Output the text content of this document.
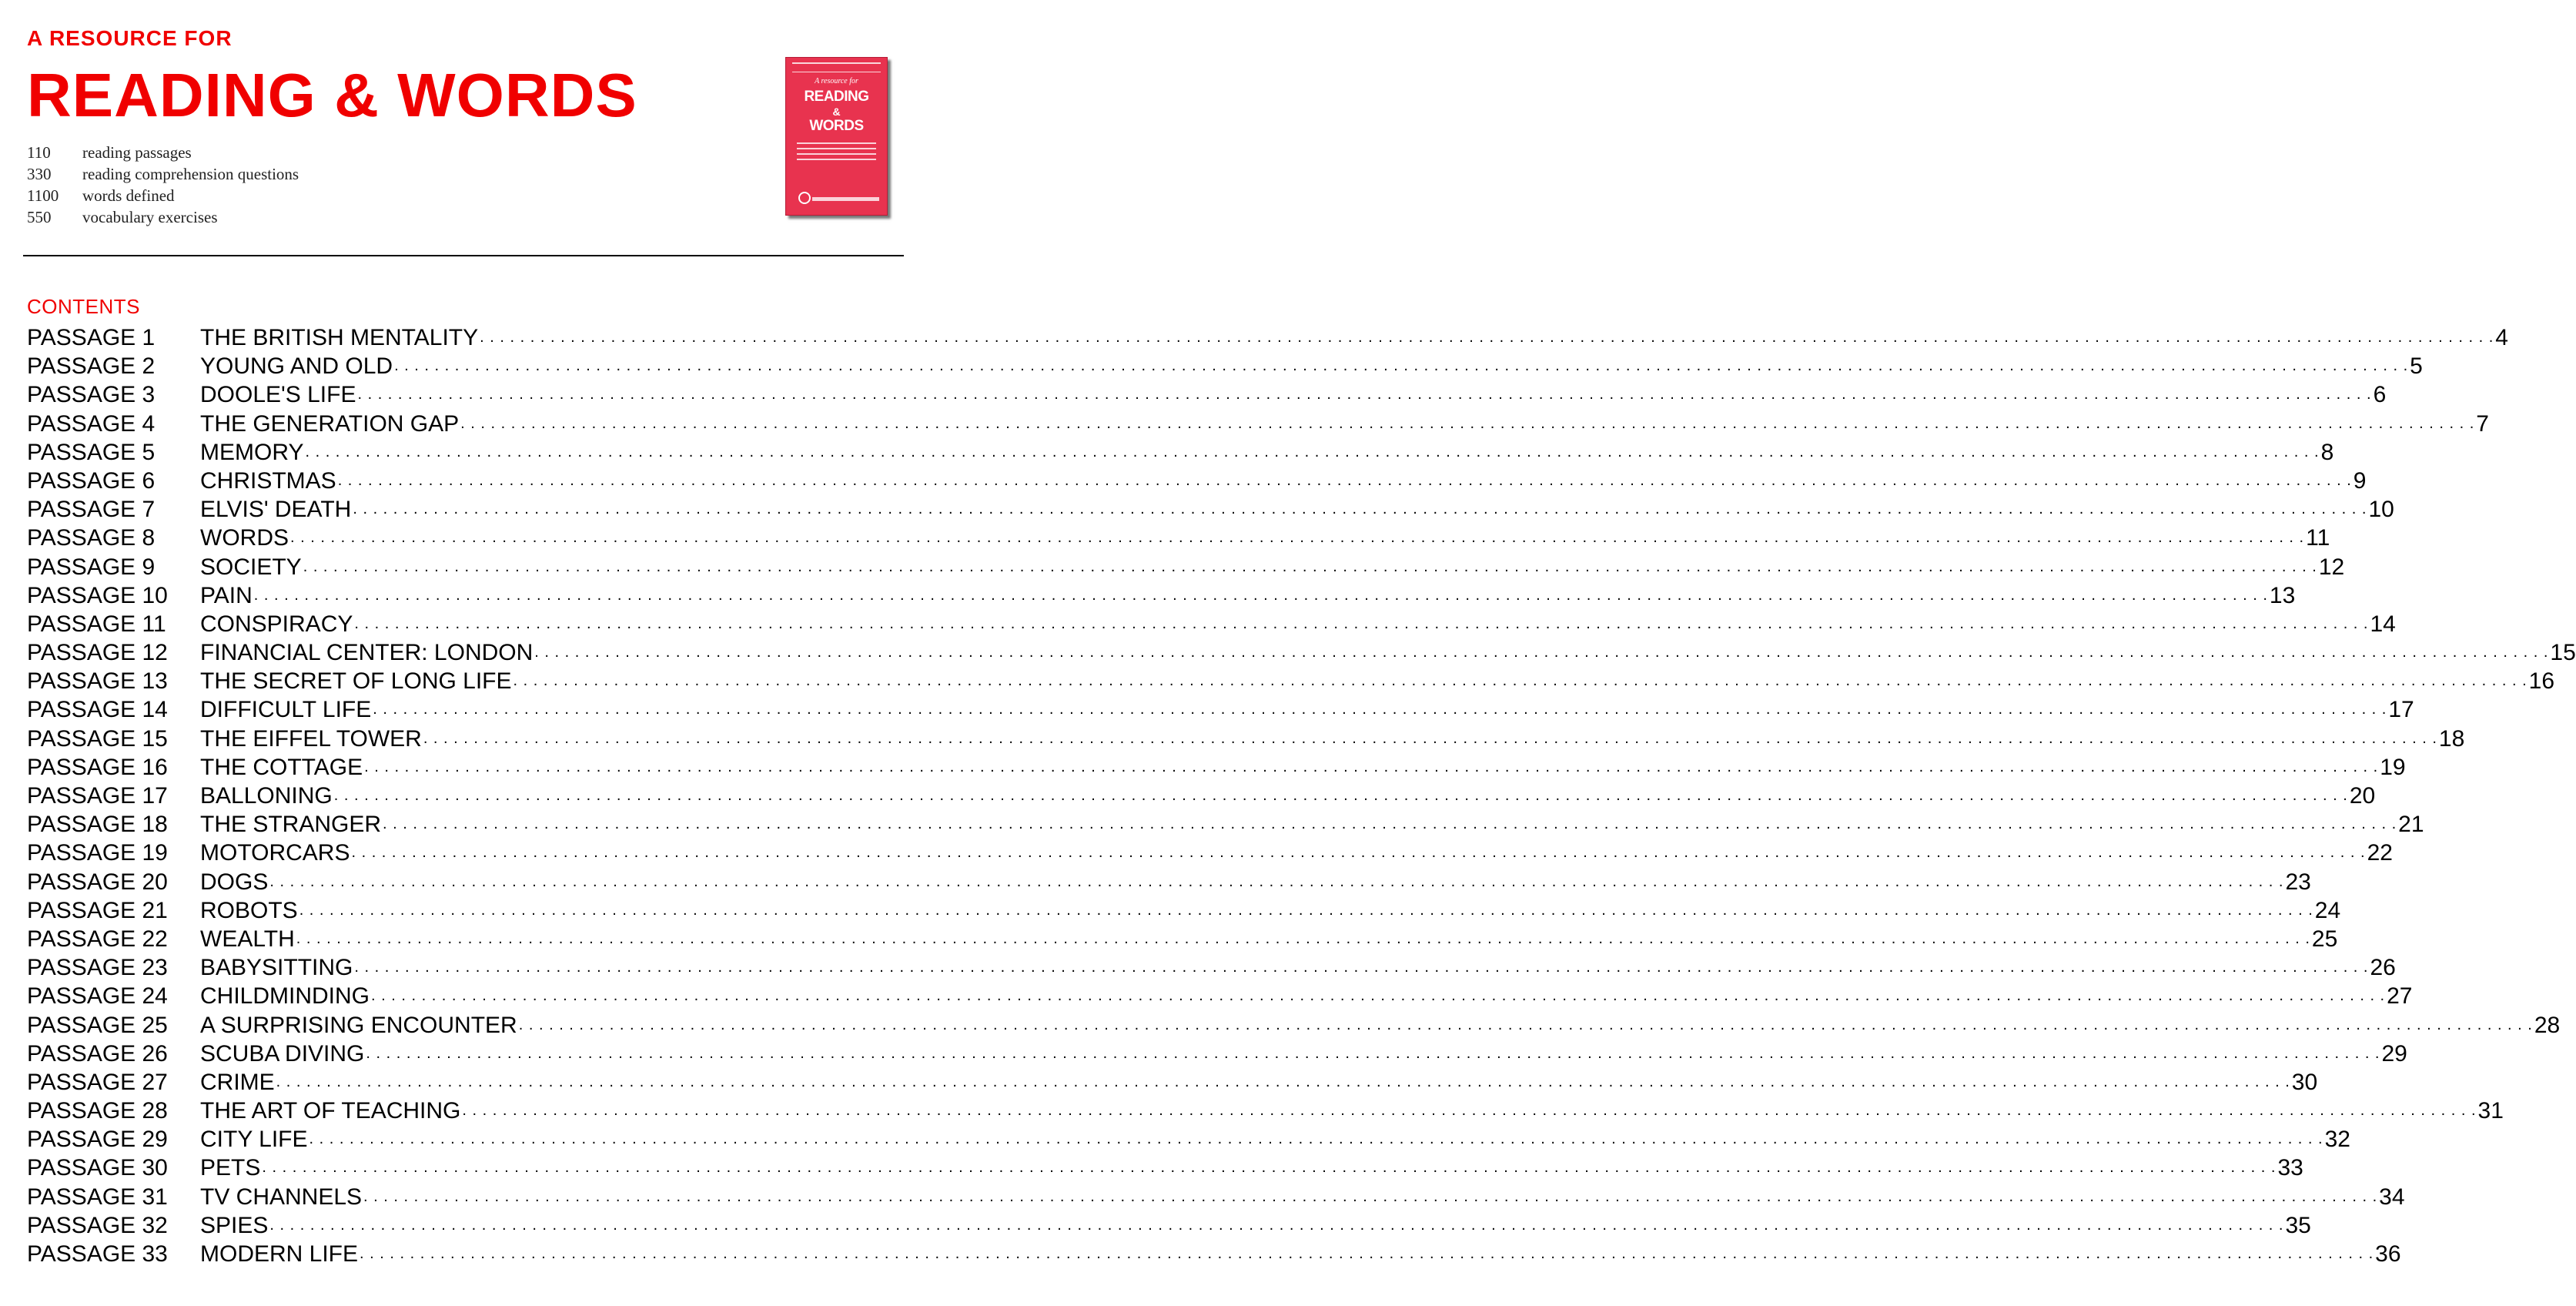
A RESOURCE FOR
READING & WORDS
110	reading passages
330	reading comprehension questions
1100	words defined
550	vocabulary exercises
A resource for
READING
&
WORDS
CONTENTS
PASSAGE 1	THE BRITISH MENTALITY . . . . . . . . . . . . . . . . . . . . . . . . . . . . . . . . . . . . . . . . . . . . . . . . . . . . . . . . . . . . . . . . . . . . . . . . . . . . . . . . . . . . . . . . . . . . . . . . . . . . . . . . . . . . . . . . . . . . . . . . . . . . . . . . . . . . . . . . . . . . . . . . . . . . . . . . . . . . . . . . . . . . . . . . . . . . . . . . . . . . . . . . . . . . . . . . . . . . . . . . 4
PASSAGE 2	YOUNG AND OLD . . . . . . . . . . . . . . . . . . . . . . . . . . . . . . . . . . . . . . . . . . . . . . . . . . . . . . . . . . . . . . . . . . . . . . . . . . . . . . . . . . . . . . . . . . . . . . . . . . . . . . . . . . . . . . . . . . . . . . . . . . . . . . . . . . . . . . . . . . . . . . . . . . . . . . . . . . . . . . . . . . . . . . . . . . . . . . . . . . . . . . . . . . . . . . . . . . . . . . . . 5
PASSAGE 3	DOOLE'S LIFE . . . . . . . . . . . . . . . . . . . . . . . . . . . . . . . . . . . . . . . . . . . . . . . . . . . . . . . . . . . . . . . . . . . . . . . . . . . . . . . . . . . . . . . . . . . . . . . . . . . . . . . . . . . . . . . . . . . . . . . . . . . . . . . . . . . . . . . . . . . . . . . . . . . . . . . . . . . . . . . . . . . . . . . . . . . . . . . . . . . . . . . . . . . . . . . . . . . . . . . . 6
PASSAGE 4	THE GENERATION GAP . . . . . . . . . . . . . . . . . . . . . . . . . . . . . . . . . . . . . . . . . . . . . . . . . . . . . . . . . . . . . . . . . . . . . . . . . . . . . . . . . . . . . . . . . . . . . . . . . . . . . . . . . . . . . . . . . . . . . . . . . . . . . . . . . . . . . . . . . . . . . . . . . . . . . . . . . . . . . . . . . . . . . . . . . . . . . . . . . . . . . . . . . . . . . . . . . . . . . . . . 7
PASSAGE 5	MEMORY . . . . . . . . . . . . . . . . . . . . . . . . . . . . . . . . . . . . . . . . . . . . . . . . . . . . . . . . . . . . . . . . . . . . . . . . . . . . . . . . . . . . . . . . . . . . . . . . . . . . . . . . . . . . . . . . . . . . . . . . . . . . . . . . . . . . . . . . . . . . . . . . . . . . . . . . . . . . . . . . . . . . . . . . . . . . . . . . . . . . . . . . . . . . . . . . . . . . . . . . 8
PASSAGE 6	CHRISTMAS . . . . . . . . . . . . . . . . . . . . . . . . . . . . . . . . . . . . . . . . . . . . . . . . . . . . . . . . . . . . . . . . . . . . . . . . . . . . . . . . . . . . . . . . . . . . . . . . . . . . . . . . . . . . . . . . . . . . . . . . . . . . . . . . . . . . . . . . . . . . . . . . . . . . . . . . . . . . . . . . . . . . . . . . . . . . . . . . . . . . . . . . . . . . . . . . . . . . . . . . 9
PASSAGE 7	ELVIS' DEATH . . . . . . . . . . . . . . . . . . . . . . . . . . . . . . . . . . . . . . . . . . . . . . . . . . . . . . . . . . . . . . . . . . . . . . . . . . . . . . . . . . . . . . . . . . . . . . . . . . . . . . . . . . . . . . . . . . . . . . . . . . . . . . . . . . . . . . . . . . . . . . . . . . . . . . . . . . . . . . . . . . . . . . . . . . . . . . . . . . . . . . . . . . . . . . . . . . . . . . . . 10
PASSAGE 8	WORDS . . . . . . . . . . . . . . . . . . . . . . . . . . . . . . . . . . . . . . . . . . . . . . . . . . . . . . . . . . . . . . . . . . . . . . . . . . . . . . . . . . . . . . . . . . . . . . . . . . . . . . . . . . . . . . . . . . . . . . . . . . . . . . . . . . . . . . . . . . . . . . . . . . . . . . . . . . . . . . . . . . . . . . . . . . . . . . . . . . . . . . . . . . . . . . . . . . . . . . . . 11
PASSAGE 9	SOCIETY . . . . . . . . . . . . . . . . . . . . . . . . . . . . . . . . . . . . . . . . . . . . . . . . . . . . . . . . . . . . . . . . . . . . . . . . . . . . . . . . . . . . . . . . . . . . . . . . . . . . . . . . . . . . . . . . . . . . . . . . . . . . . . . . . . . . . . . . . . . . . . . . . . . . . . . . . . . . . . . . . . . . . . . . . . . . . . . . . . . . . . . . . . . . . . . . . . . . . . . . 12
PASSAGE 10	PAIN . . . . . . . . . . . . . . . . . . . . . . . . . . . . . . . . . . . . . . . . . . . . . . . . . . . . . . . . . . . . . . . . . . . . . . . . . . . . . . . . . . . . . . . . . . . . . . . . . . . . . . . . . . . . . . . . . . . . . . . . . . . . . . . . . . . . . . . . . . . . . . . . . . . . . . . . . . . . . . . . . . . . . . . . . . . . . . . . . . . . . . . . . . . . . . . . . . . . . . . . 13
PASSAGE 11	CONSPIRACY . . . . . . . . . . . . . . . . . . . . . . . . . . . . . . . . . . . . . . . . . . . . . . . . . . . . . . . . . . . . . . . . . . . . . . . . . . . . . . . . . . . . . . . . . . . . . . . . . . . . . . . . . . . . . . . . . . . . . . . . . . . . . . . . . . . . . . . . . . . . . . . . . . . . . . . . . . . . . . . . . . . . . . . . . . . . . . . . . . . . . . . . . . . . . . . . . . . . . . . . 14
PASSAGE 12	FINANCIAL CENTER: LONDON . . . . . . . . . . . . . . . . . . . . . . . . . . . . . . . . . . . . . . . . . . . . . . . . . . . . . . . . . . . . . . . . . . . . . . . . . . . . . . . . . . . . . . . . . . . . . . . . . . . . . . . . . . . . . . . . . . . . . . . . . . . . . . . . . . . . . . . . . . . . . . . . . . . . . . . . . . . . . . . . . . . . . . . . . . . . . . . . . . . . . . . . . . . . . . . . . . . . . . . . 15
PASSAGE 13	THE SECRET OF LONG LIFE . . . . . . . . . . . . . . . . . . . . . . . . . . . . . . . . . . . . . . . . . . . . . . . . . . . . . . . . . . . . . . . . . . . . . . . . . . . . . . . . . . . . . . . . . . . . . . . . . . . . . . . . . . . . . . . . . . . . . . . . . . . . . . . . . . . . . . . . . . . . . . . . . . . . . . . . . . . . . . . . . . . . . . . . . . . . . . . . . . . . . . . . . . . . . . . . . . . . . . . . 16
PASSAGE 14	DIFFICULT LIFE . . . . . . . . . . . . . . . . . . . . . . . . . . . . . . . . . . . . . . . . . . . . . . . . . . . . . . . . . . . . . . . . . . . . . . . . . . . . . . . . . . . . . . . . . . . . . . . . . . . . . . . . . . . . . . . . . . . . . . . . . . . . . . . . . . . . . . . . . . . . . . . . . . . . . . . . . . . . . . . . . . . . . . . . . . . . . . . . . . . . . . . . . . . . . . . . . . . . . . . . 17
PASSAGE 15	THE EIFFEL TOWER . . . . . . . . . . . . . . . . . . . . . . . . . . . . . . . . . . . . . . . . . . . . . . . . . . . . . . . . . . . . . . . . . . . . . . . . . . . . . . . . . . . . . . . . . . . . . . . . . . . . . . . . . . . . . . . . . . . . . . . . . . . . . . . . . . . . . . . . . . . . . . . . . . . . . . . . . . . . . . . . . . . . . . . . . . . . . . . . . . . . . . . . . . . . . . . . . . . . . . . . 18
PASSAGE 16	THE COTTAGE . . . . . . . . . . . . . . . . . . . . . . . . . . . . . . . . . . . . . . . . . . . . . . . . . . . . . . . . . . . . . . . . . . . . . . . . . . . . . . . . . . . . . . . . . . . . . . . . . . . . . . . . . . . . . . . . . . . . . . . . . . . . . . . . . . . . . . . . . . . . . . . . . . . . . . . . . . . . . . . . . . . . . . . . . . . . . . . . . . . . . . . . . . . . . . . . . . . . . . . . 19
PASSAGE 17	BALLONING . . . . . . . . . . . . . . . . . . . . . . . . . . . . . . . . . . . . . . . . . . . . . . . . . . . . . . . . . . . . . . . . . . . . . . . . . . . . . . . . . . . . . . . . . . . . . . . . . . . . . . . . . . . . . . . . . . . . . . . . . . . . . . . . . . . . . . . . . . . . . . . . . . . . . . . . . . . . . . . . . . . . . . . . . . . . . . . . . . . . . . . . . . . . . . . . . . . . . . . . 20
PASSAGE 18	THE STRANGER . . . . . . . . . . . . . . . . . . . . . . . . . . . . . . . . . . . . . . . . . . . . . . . . . . . . . . . . . . . . . . . . . . . . . . . . . . . . . . . . . . . . . . . . . . . . . . . . . . . . . . . . . . . . . . . . . . . . . . . . . . . . . . . . . . . . . . . . . . . . . . . . . . . . . . . . . . . . . . . . . . . . . . . . . . . . . . . . . . . . . . . . . . . . . . . . . . . . . . . . 21
PASSAGE 19	MOTORCARS . . . . . . . . . . . . . . . . . . . . . . . . . . . . . . . . . . . . . . . . . . . . . . . . . . . . . . . . . . . . . . . . . . . . . . . . . . . . . . . . . . . . . . . . . . . . . . . . . . . . . . . . . . . . . . . . . . . . . . . . . . . . . . . . . . . . . . . . . . . . . . . . . . . . . . . . . . . . . . . . . . . . . . . . . . . . . . . . . . . . . . . . . . . . . . . . . . . . . . . . 22
PASSAGE 20	DOGS . . . . . . . . . . . . . . . . . . . . . . . . . . . . . . . . . . . . . . . . . . . . . . . . . . . . . . . . . . . . . . . . . . . . . . . . . . . . . . . . . . . . . . . . . . . . . . . . . . . . . . . . . . . . . . . . . . . . . . . . . . . . . . . . . . . . . . . . . . . . . . . . . . . . . . . . . . . . . . . . . . . . . . . . . . . . . . . . . . . . . . . . . . . . . . . . . . . . . . . . 23
PASSAGE 21	ROBOTS . . . . . . . . . . . . . . . . . . . . . . . . . . . . . . . . . . . . . . . . . . . . . . . . . . . . . . . . . . . . . . . . . . . . . . . . . . . . . . . . . . . . . . . . . . . . . . . . . . . . . . . . . . . . . . . . . . . . . . . . . . . . . . . . . . . . . . . . . . . . . . . . . . . . . . . . . . . . . . . . . . . . . . . . . . . . . . . . . . . . . . . . . . . . . . . . . . . . . . . . 24
PASSAGE 22	WEALTH . . . . . . . . . . . . . . . . . . . . . . . . . . . . . . . . . . . . . . . . . . . . . . . . . . . . . . . . . . . . . . . . . . . . . . . . . . . . . . . . . . . . . . . . . . . . . . . . . . . . . . . . . . . . . . . . . . . . . . . . . . . . . . . . . . . . . . . . . . . . . . . . . . . . . . . . . . . . . . . . . . . . . . . . . . . . . . . . . . . . . . . . . . . . . . . . . . . . . . . . 25
PASSAGE 23	BABYSITTING . . . . . . . . . . . . . . . . . . . . . . . . . . . . . . . . . . . . . . . . . . . . . . . . . . . . . . . . . . . . . . . . . . . . . . . . . . . . . . . . . . . . . . . . . . . . . . . . . . . . . . . . . . . . . . . . . . . . . . . . . . . . . . . . . . . . . . . . . . . . . . . . . . . . . . . . . . . . . . . . . . . . . . . . . . . . . . . . . . . . . . . . . . . . . . . . . . . . . . . . 26
PASSAGE 24	CHILDMINDING . . . . . . . . . . . . . . . . . . . . . . . . . . . . . . . . . . . . . . . . . . . . . . . . . . . . . . . . . . . . . . . . . . . . . . . . . . . . . . . . . . . . . . . . . . . . . . . . . . . . . . . . . . . . . . . . . . . . . . . . . . . . . . . . . . . . . . . . . . . . . . . . . . . . . . . . . . . . . . . . . . . . . . . . . . . . . . . . . . . . . . . . . . . . . . . . . . . . . . . . 27
PASSAGE 25	A SURPRISING ENCOUNTER . . . . . . . . . . . . . . . . . . . . . . . . . . . . . . . . . . . . . . . . . . . . . . . . . . . . . . . . . . . . . . . . . . . . . . . . . . . . . . . . . . . . . . . . . . . . . . . . . . . . . . . . . . . . . . . . . . . . . . . . . . . . . . . . . . . . . . . . . . . . . . . . . . . . . . . . . . . . . . . . . . . . . . . . . . . . . . . . . . . . . . . . . . . . . . . . . . . . . . . . 28
PASSAGE 26	SCUBA DIVING . . . . . . . . . . . . . . . . . . . . . . . . . . . . . . . . . . . . . . . . . . . . . . . . . . . . . . . . . . . . . . . . . . . . . . . . . . . . . . . . . . . . . . . . . . . . . . . . . . . . . . . . . . . . . . . . . . . . . . . . . . . . . . . . . . . . . . . . . . . . . . . . . . . . . . . . . . . . . . . . . . . . . . . . . . . . . . . . . . . . . . . . . . . . . . . . . . . . . . . . 29
PASSAGE 27	CRIME . . . . . . . . . . . . . . . . . . . . . . . . . . . . . . . . . . . . . . . . . . . . . . . . . . . . . . . . . . . . . . . . . . . . . . . . . . . . . . . . . . . . . . . . . . . . . . . . . . . . . . . . . . . . . . . . . . . . . . . . . . . . . . . . . . . . . . . . . . . . . . . . . . . . . . . . . . . . . . . . . . . . . . . . . . . . . . . . . . . . . . . . . . . . . . . . . . . . . . . . 30
PASSAGE 28	THE ART OF TEACHING . . . . . . . . . . . . . . . . . . . . . . . . . . . . . . . . . . . . . . . . . . . . . . . . . . . . . . . . . . . . . . . . . . . . . . . . . . . . . . . . . . . . . . . . . . . . . . . . . . . . . . . . . . . . . . . . . . . . . . . . . . . . . . . . . . . . . . . . . . . . . . . . . . . . . . . . . . . . . . . . . . . . . . . . . . . . . . . . . . . . . . . . . . . . . . . . . . . . . . . . 31
PASSAGE 29	CITY LIFE . . . . . . . . . . . . . . . . . . . . . . . . . . . . . . . . . . . . . . . . . . . . . . . . . . . . . . . . . . . . . . . . . . . . . . . . . . . . . . . . . . . . . . . . . . . . . . . . . . . . . . . . . . . . . . . . . . . . . . . . . . . . . . . . . . . . . . . . . . . . . . . . . . . . . . . . . . . . . . . . . . . . . . . . . . . . . . . . . . . . . . . . . . . . . . . . . . . . . . . . 32
PASSAGE 30	PETS . . . . . . . . . . . . . . . . . . . . . . . . . . . . . . . . . . . . . . . . . . . . . . . . . . . . . . . . . . . . . . . . . . . . . . . . . . . . . . . . . . . . . . . . . . . . . . . . . . . . . . . . . . . . . . . . . . . . . . . . . . . . . . . . . . . . . . . . . . . . . . . . . . . . . . . . . . . . . . . . . . . . . . . . . . . . . . . . . . . . . . . . . . . . . . . . . . . . . . . . 33
PASSAGE 31	TV CHANNELS . . . . . . . . . . . . . . . . . . . . . . . . . . . . . . . . . . . . . . . . . . . . . . . . . . . . . . . . . . . . . . . . . . . . . . . . . . . . . . . . . . . . . . . . . . . . . . . . . . . . . . . . . . . . . . . . . . . . . . . . . . . . . . . . . . . . . . . . . . . . . . . . . . . . . . . . . . . . . . . . . . . . . . . . . . . . . . . . . . . . . . . . . . . . . . . . . . . . . . . . 34
PASSAGE 32	SPIES . . . . . . . . . . . . . . . . . . . . . . . . . . . . . . . . . . . . . . . . . . . . . . . . . . . . . . . . . . . . . . . . . . . . . . . . . . . . . . . . . . . . . . . . . . . . . . . . . . . . . . . . . . . . . . . . . . . . . . . . . . . . . . . . . . . . . . . . . . . . . . . . . . . . . . . . . . . . . . . . . . . . . . . . . . . . . . . . . . . . . . . . . . . . . . . . . . . . . . . . 35
PASSAGE 33	MODERN LIFE . . . . . . . . . . . . . . . . . . . . . . . . . . . . . . . . . . . . . . . . . . . . . . . . . . . . . . . . . . . . . . . . . . . . . . . . . . . . . . . . . . . . . . . . . . . . . . . . . . . . . . . . . . . . . . . . . . . . . . . . . . . . . . . . . . . . . . . . . . . . . . . . . . . . . . . . . . . . . . . . . . . . . . . . . . . . . . . . . . . . . . . . . . . . . . . . . . . . . . . . 36
